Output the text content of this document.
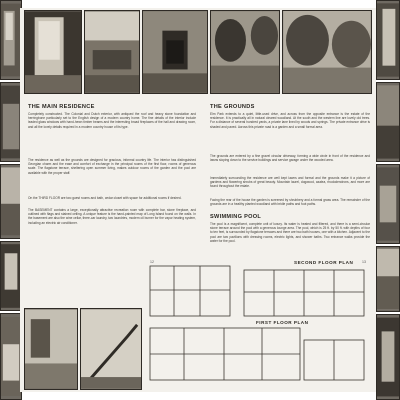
THE MAIN RESIDENCE
Completely constructed. The Colonial and Dutch exterior, with antiqued the roof and heavy stone foundation and herringbone particularly set to the English design of a modern country home. The fine details of the interior include leaded glass windows with hand-hewn timber beams and the interesting broad fireplaces of the hall and drawing room, and all the lovely details required in a modern country house of its type.
The residence as well as the grounds are designed for gracious, informal country life. The interior has distinguished Georgian charm and the ease and comfort of exchange in the principal rooms of the first floor, rooms of generous scale. The flagstone terrace, sheltering open summer living, makes outdoor rooms of the garden and the pool are available with the proper staff.
On the THIRD FLOOR are two guest rooms and bath, cedar closet with space for additional rooms if desired.
The BASEMENT contains a large, exceptionally attractive recreation room with complete bar, stone fireplace, and outlined with flags and stained ceiling. A unique feature is the hand-painted map of Long Island found on the walls. In the basement are also the wine cellar, three-car laundry, two laundries, modern oil burner for the vapor heating system, including an electric air conditioner.
THE GROUNDS
Elm Park extends to a quiet, little-used drive, and across from the opposite entrance is the estate of the residence. It is practically all in natural cleared woodland. At the south and the western line are lovely old trees. For a distance of several hundred yards, a private lane lined by woods and springs. The private entrance drive is shaded and paved. Across this private road is a garden and a small formal area.
The grounds are entered by a fine gravel circular driveway, forming a wide circle in front of the residence and lawns sloping down to the service buildings and service garage under the wooded area.
Immediately surrounding the residence are well kept lawns and formal and the grounds make it a picture of gardens and flowering shrubs of great beauty. Mountain laurel, dogwood, azalea, rhododendrons, and more are found throughout the estate.
Facing the rear of the house the garden is screened by shrubbery and a formal grass area. The remainder of the grounds are in a healthy planted woodland with bridle paths and foot paths.
SWIMMING POOL
The pool is a magnificent, complete unit of luxury. Its water is heated and filtered, and there is a semi-circular stone terrace around the pool with a generous lounge area. The pool, which is 25 ft. by 50 ft. with depths of four to ten feet, is surrounded by flagstone terraces and there are two bath houses, one with a kitchen. Adjacent to the pool are two pavilions with dressing rooms, electric lights, and shower baths. Two entrance walks provide the water for the pool.
SECOND FLOOR PLAN
FIRST FLOOR PLAN
12	13
